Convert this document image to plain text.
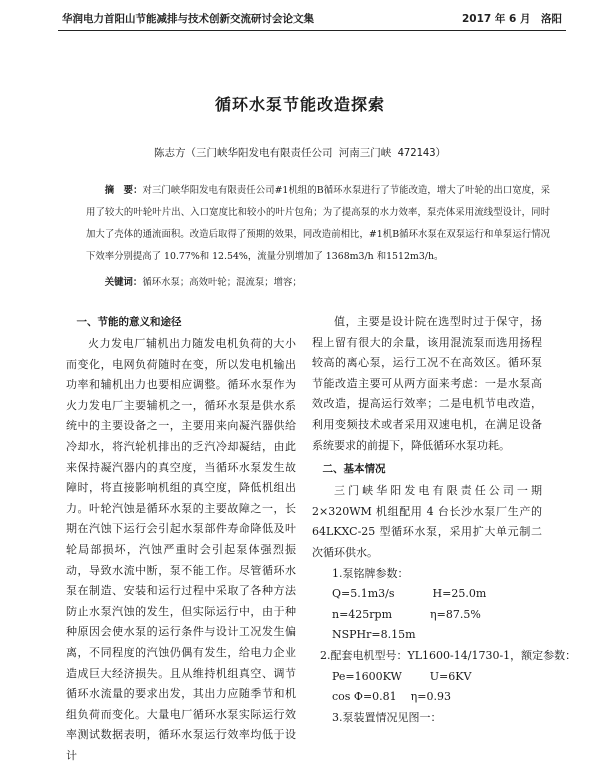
华润电力首阳山节能减排与技术创新交流研讨会论文集	2017 年 6 月　洛阳
循环水泵节能改造探索
陈志方（三门峡华阳发电有限责任公司 河南三门峡 472143）
摘　要：对三门峡华阳发电有限责任公司#1机组的B循环水泵进行了节能改造，增大了叶轮的出口宽度，采用了较大的叶轮叶片出、入口宽度比和较小的叶片包角；为了提高泵的水力效率，泵壳体采用流线型设计，同时加大了壳体的通流面积。改造后取得了预期的效果，同改造前相比，#1机B循环水泵在双泵运行和单泵运行情况下效率分别提高了 10.77%和 12.54%，流量分别增加了 1368m3/h 和1512m3/h。
关键词：循环水泵；高效叶轮；混流泵；增容；
一、节能的意义和途径

火力发电厂辅机出力随发电机负荷的大小而变化，电网负荷随时在变，所以发电机输出功率和辅机出力也要相应调整。循环水泵作为火力发电厂主要辅机之一，循环水泵是供水系统中的主要设备之一，主要用来向凝汽器供给冷却水，将汽轮机排出的乏汽冷却凝结，由此来保持凝汽器内的真空度，当循环水泵发生故障时，将直接影响机组的真空度，降低机组出力。叶轮汽蚀是循环水泵的主要故障之一，长期在汽蚀下运行会引起水泵部件寿命降低及叶轮局部损坏，汽蚀严重时会引起泵体强烈振动，导致水流中断，泵不能工作。尽管循环水泵在制造、安装和运行过程中采取了各种方法防止水泵汽蚀的发生，但实际运行中，由于种种原因会使水泵的运行条件与设计工况发生偏离，不同程度的汽蚀仍偶有发生，给电力企业造成巨大经济损失。且从维持机组真空、调节循环水流量的要求出发，其出力应随季节和机组负荷而变化。大量电厂循环水泵实际运行效率测试数据表明，循环水泵运行效率均低于设计

值，主要是设计院在选型时过于保守，扬程上留有很大的余量，该用混流泵而选用扬程较高的离心泵，运行工况不在高效区。循环泵节能改造主要可从两方面来考虑：一是水泵高效改造，提高运行效率；二是电机节电改造，利用变频技术或者采用双速电机，在满足设备系统要求的前提下，降低循环水泵功耗。

二、基本情况

三门峡华阳发电有限责任公司一期2×320WM 机组配用 4 台长沙水泵厂生产的64LKXC-25 型循环水泵，采用扩大单元制二次循环供水。

1.泵铭牌参数：
Q=5.1m3/s	H=25.0m
n=425rpm	η=87.5%
NSPHr=8.15m
2.配套电机型号：YL1600-14/1730-1，额定参数：
Pe=1600KW	U=6KV
cos Φ=0.81 η=0.93
3.泵装置情况见图一：
